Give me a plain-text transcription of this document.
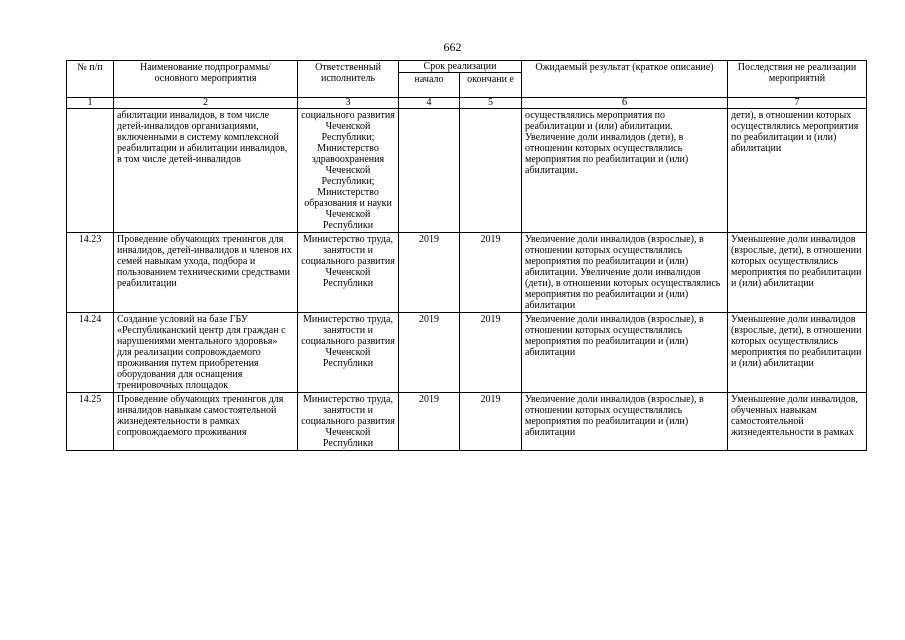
662
№ п/п	Наименование подпрограммы/ основного мероприятия	Ответственный исполнитель	Срок реализации		Ожидаемый результат (краткое описание)	Последствия не реализации мероприятий
			начало	окончани е		
1	2	3	4	5	6	7
	абилитации инвалидов, в том числе детей-инвалидов организациями, включенными в систему комплексной реабилитации и абилитации инвалидов, в том числе детей-инвалидов	социального развития Чеченской Республики; Министерство здравоохранения Чеченской Республики; Министерство образования и науки Чеченской Республики			осуществлялись мероприятия по реабилитации и (или) абилитации. Увеличение доли инвалидов (дети), в отношении которых осуществлялись мероприятия по реабилитации и (или) абилитации.	дети), в отношении которых осуществлялись мероприятия по реабилитации и (или) абилитации
14.23	Проведение обучающих тренингов для инвалидов, детей-инвалидов и членов их семей навыкам ухода, подбора и пользованием техническими средствами реабилитации	Министерство труда, занятости и социального развития Чеченской Республики	2019	2019	Увеличение доли инвалидов (взрослые), в отношении которых осуществлялись мероприятия по реабилитации и (или) абилитации. Увеличение доли инвалидов (дети), в отношении которых осуществлялись мероприятия по реабилитации и (или) абилитации	Уменьшение доли инвалидов (взрослые, дети), в отношении которых осуществлялись мероприятия по реабилитации и (или) абилитации
14.24	Создание условий на базе ГБУ «Республиканский центр для граждан с нарушениями ментального здоровья» для реализации сопровождаемого проживания путем приобретения оборудования для оснащения тренировочных площадок	Министерство труда, занятости и социального развития Чеченской Республики	2019	2019	Увеличение доли инвалидов (взрослые), в отношении которых осуществлялись мероприятия по реабилитации и (или) абилитации	Уменьшение доли инвалидов (взрослые, дети), в отношении которых осуществлялись мероприятия по реабилитации и (или) абилитации
14.25	Проведение обучающих тренингов для инвалидов навыкам самостоятельной жизнедеятельности в рамках сопровождаемого проживания	Министерство труда, занятости и социального развития Чеченской Республики	2019	2019	Увеличение доли инвалидов (взрослые), в отношении которых осуществлялись мероприятия по реабилитации и (или) абилитации	Уменьшение доли инвалидов, обученных навыкам самостоятельной жизнедеятельности в рамках
